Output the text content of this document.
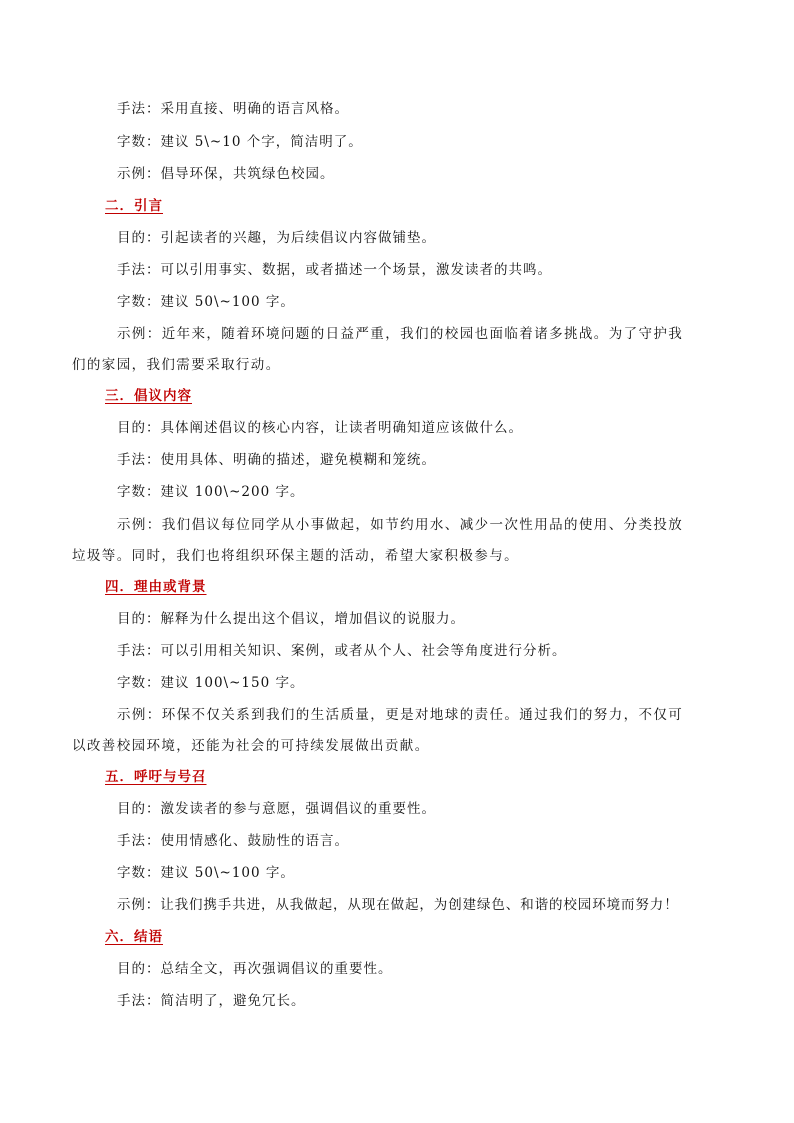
手法：采用直接、明确的语言风格。
字数：建议 5\~10 个字，简洁明了。
示例：倡导环保，共筑绿色校园。
二．引言
目的：引起读者的兴趣，为后续倡议内容做铺垫。
手法：可以引用事实、数据，或者描述一个场景，激发读者的共鸣。
字数：建议 50\~100 字。
示例：近年来，随着环境问题的日益严重，我们的校园也面临着诸多挑战。为了守护我
们的家园，我们需要采取行动。
三．倡议内容
目的：具体阐述倡议的核心内容，让读者明确知道应该做什么。
手法：使用具体、明确的描述，避免模糊和笼统。
字数：建议 100\~200 字。
示例：我们倡议每位同学从小事做起，如节约用水、减少一次性用品的使用、分类投放
垃圾等。同时，我们也将组织环保主题的活动，希望大家积极参与。
四．理由或背景
目的：解释为什么提出这个倡议，增加倡议的说服力。
手法：可以引用相关知识、案例，或者从个人、社会等角度进行分析。
字数：建议 100\~150 字。
示例：环保不仅关系到我们的生活质量，更是对地球的责任。通过我们的努力，不仅可
以改善校园环境，还能为社会的可持续发展做出贡献。
五．呼吁与号召
目的：激发读者的参与意愿，强调倡议的重要性。
手法：使用情感化、鼓励性的语言。
字数：建议 50\~100 字。
示例：让我们携手共进，从我做起，从现在做起，为创建绿色、和谐的校园环境而努力！
六．结语
目的：总结全文，再次强调倡议的重要性。
手法：简洁明了，避免冗长。
